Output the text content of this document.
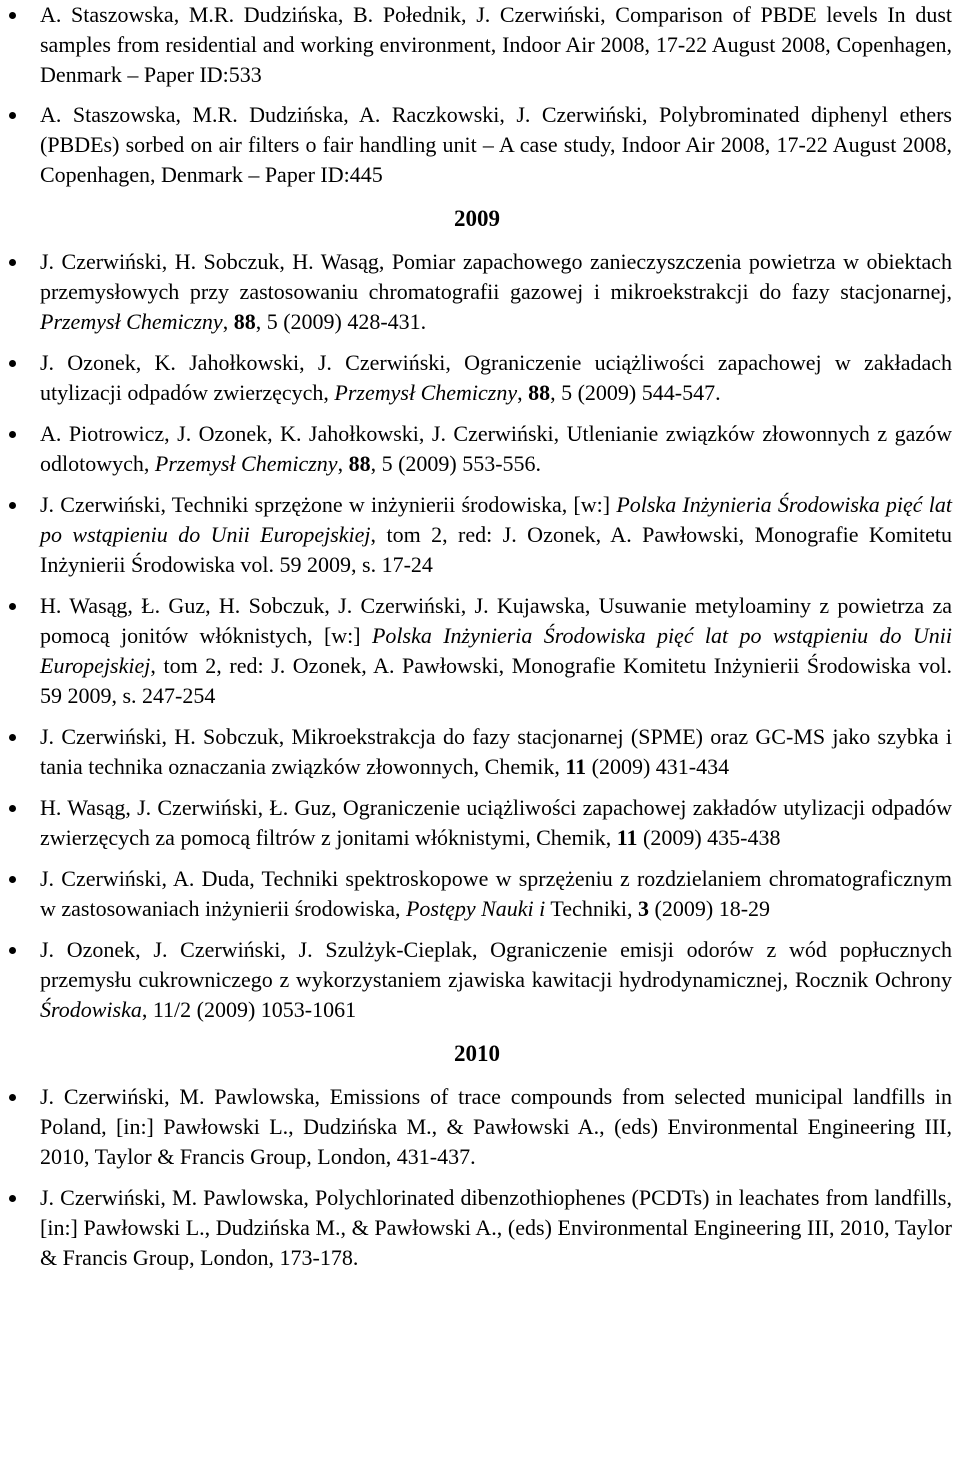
A. Staszowska, M.R. Dudzińska, B. Połednik, J. Czerwiński, Comparison of PBDE levels In dust samples from residential and working environment, Indoor Air 2008, 17-22 August 2008, Copenhagen, Denmark – Paper ID:533
A. Staszowska, M.R. Dudzińska, A. Raczkowski, J. Czerwiński, Polybrominated diphenyl ethers (PBDEs) sorbed on air filters o fair handling unit – A case study, Indoor Air 2008, 17-22 August 2008, Copenhagen, Denmark – Paper ID:445
2009
J. Czerwiński, H. Sobczuk, H. Wasąg, Pomiar zapachowego zanieczyszczenia powietrza w obiektach przemysłowych przy zastosowaniu chromatografii gazowej i mikroekstrakcji do fazy stacjonarnej, Przemysł Chemiczny, 88, 5 (2009) 428-431.
J. Ozonek, K. Jahołkowski, J. Czerwiński, Ograniczenie uciążliwości zapachowej w zakładach utylizacji odpadów zwierzęcych, Przemysł Chemiczny, 88, 5 (2009) 544-547.
A. Piotrowicz, J. Ozonek, K. Jahołkowski, J. Czerwiński, Utlenianie związków złowonnych z gazów odlotowych, Przemysł Chemiczny, 88, 5 (2009) 553-556.
J. Czerwiński, Techniki sprzężone w inżynierii środowiska, [w:] Polska Inżynieria Środowiska pięć lat po wstąpieniu do Unii Europejskiej, tom 2, red: J. Ozonek, A. Pawłowski, Monografie Komitetu Inżynierii Środowiska vol. 59 2009, s. 17-24
H. Wasąg, Ł. Guz, H. Sobczuk, J. Czerwiński, J. Kujawska, Usuwanie metyloaminy z powietrza za pomocą jonitów włóknistych, [w:] Polska Inżynieria Środowiska pięć lat po wstąpieniu do Unii Europejskiej, tom 2, red: J. Ozonek, A. Pawłowski, Monografie Komitetu Inżynierii Środowiska vol. 59 2009, s. 247-254
J. Czerwiński, H. Sobczuk, Mikroekstrakcja do fazy stacjonarnej (SPME) oraz GC-MS jako szybka i tania technika oznaczania związków złowonnych, Chemik, 11 (2009) 431-434
H. Wasąg, J. Czerwiński, Ł. Guz, Ograniczenie uciążliwości zapachowej zakładów utylizacji odpadów zwierzęcych za pomocą filtrów z jonitami włóknistymi, Chemik, 11 (2009) 435-438
J. Czerwiński, A. Duda, Techniki spektroskopowe w sprzężeniu z rozdzielaniem chromatograficznym w zastosowaniach inżynierii środowiska, Postępy Nauki i Techniki, 3 (2009) 18-29
J. Ozonek, J. Czerwiński, J. Szulżyk-Cieplak, Ograniczenie emisji odorów z wód popłucznych przemysłu cukrowniczego z wykorzystaniem zjawiska kawitacji hydrodynamicznej, Rocznik Ochrony Środowiska, 11/2 (2009) 1053-1061
2010
J. Czerwiński, M. Pawlowska, Emissions of trace compounds from selected municipal landfills in Poland, [in:] Pawłowski L., Dudzińska M., & Pawłowski A., (eds) Environmental Engineering III, 2010, Taylor & Francis Group, London, 431-437.
J. Czerwiński, M. Pawlowska, Polychlorinated dibenzothiophenes (PCDTs) in leachates from landfills, [in:] Pawłowski L., Dudzińska M., & Pawłowski A., (eds) Environmental Engineering III, 2010, Taylor & Francis Group, London, 173-178.
